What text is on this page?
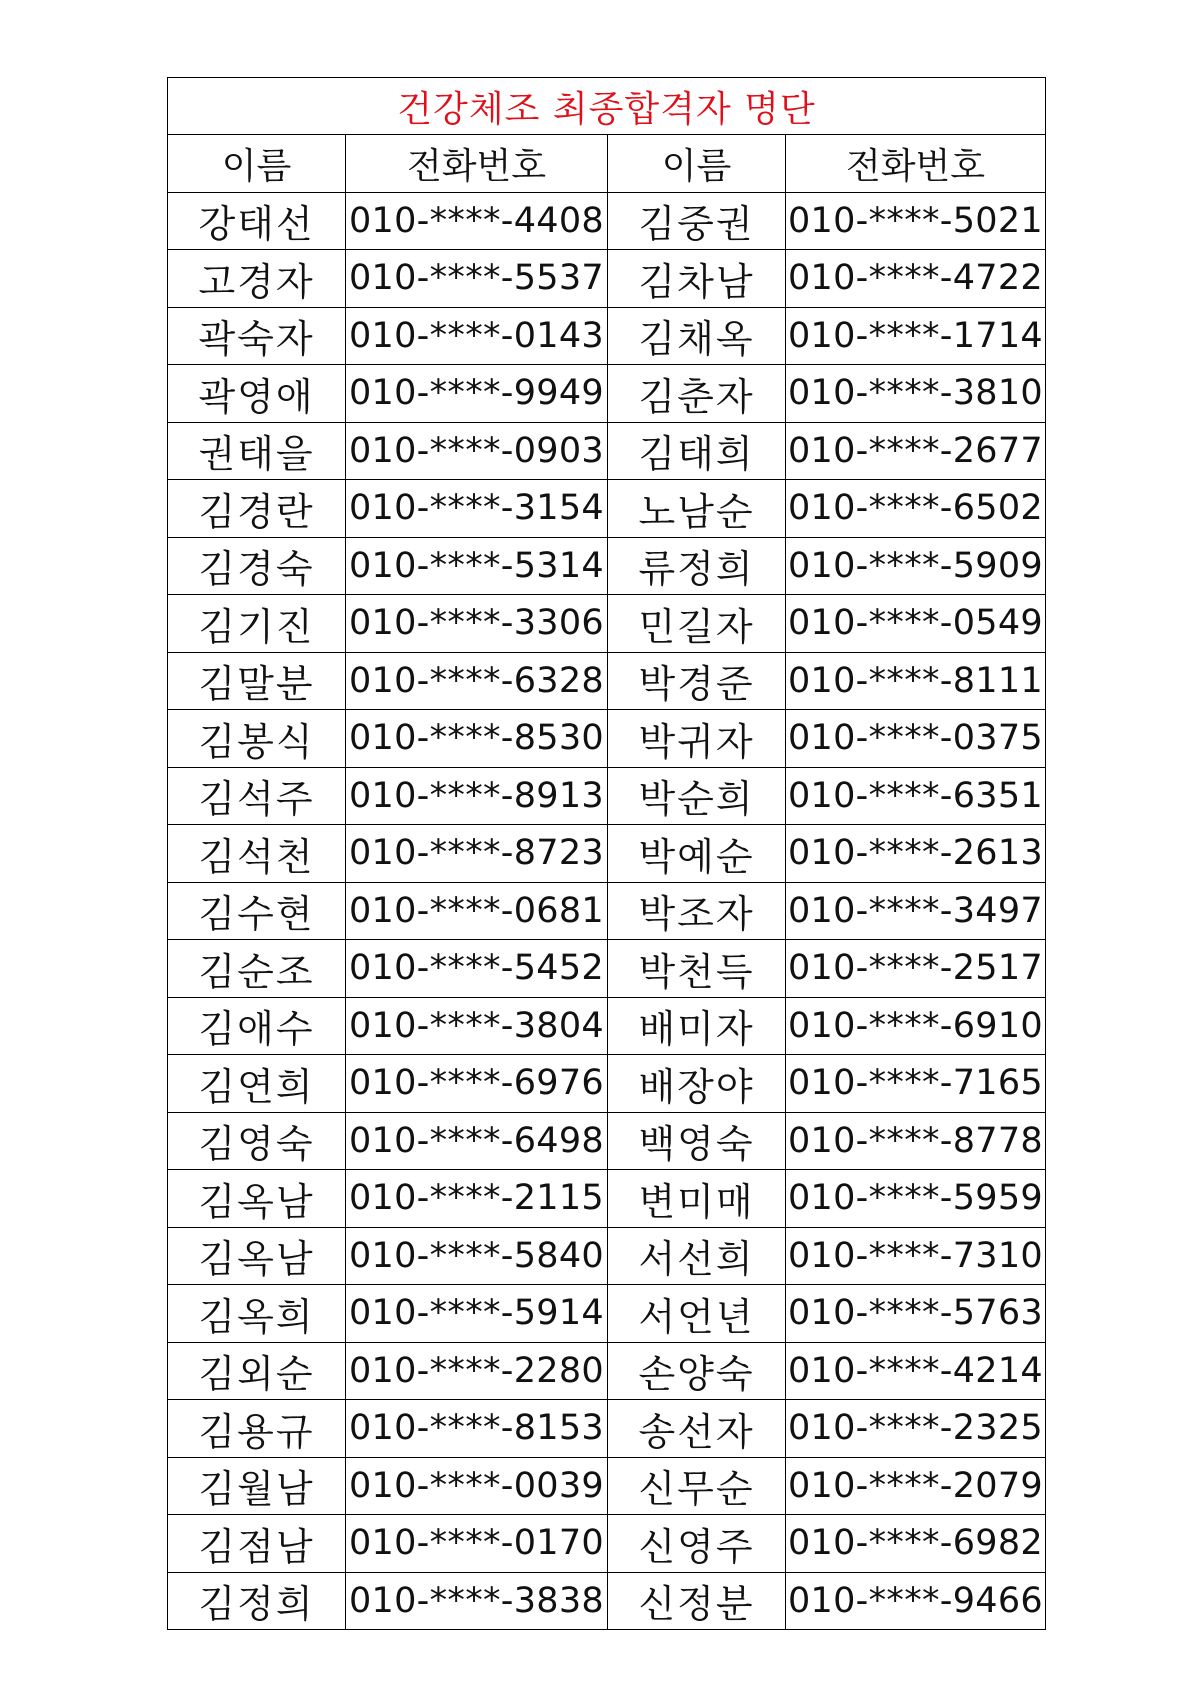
건강체조 최종합격자 명단			
이름	전화번호	이름	전화번호
강태선	010-****-4408	김중권	010-****-5021
고경자	010-****-5537	김차남	010-****-4722
곽숙자	010-****-0143	김채옥	010-****-1714
곽영애	010-****-9949	김춘자	010-****-3810
권태을	010-****-0903	김태희	010-****-2677
김경란	010-****-3154	노남순	010-****-6502
김경숙	010-****-5314	류정희	010-****-5909
김기진	010-****-3306	민길자	010-****-0549
김말분	010-****-6328	박경준	010-****-8111
김봉식	010-****-8530	박귀자	010-****-0375
김석주	010-****-8913	박순희	010-****-6351
김석천	010-****-8723	박예순	010-****-2613
김수현	010-****-0681	박조자	010-****-3497
김순조	010-****-5452	박천득	010-****-2517
김애수	010-****-3804	배미자	010-****-6910
김연희	010-****-6976	배장야	010-****-7165
김영숙	010-****-6498	백영숙	010-****-8778
김옥남	010-****-2115	변미매	010-****-5959
김옥남	010-****-5840	서선희	010-****-7310
김옥희	010-****-5914	서언년	010-****-5763
김외순	010-****-2280	손양숙	010-****-4214
김용규	010-****-8153	송선자	010-****-2325
김월남	010-****-0039	신무순	010-****-2079
김점남	010-****-0170	신영주	010-****-6982
김정희	010-****-3838	신정분	010-****-9466
